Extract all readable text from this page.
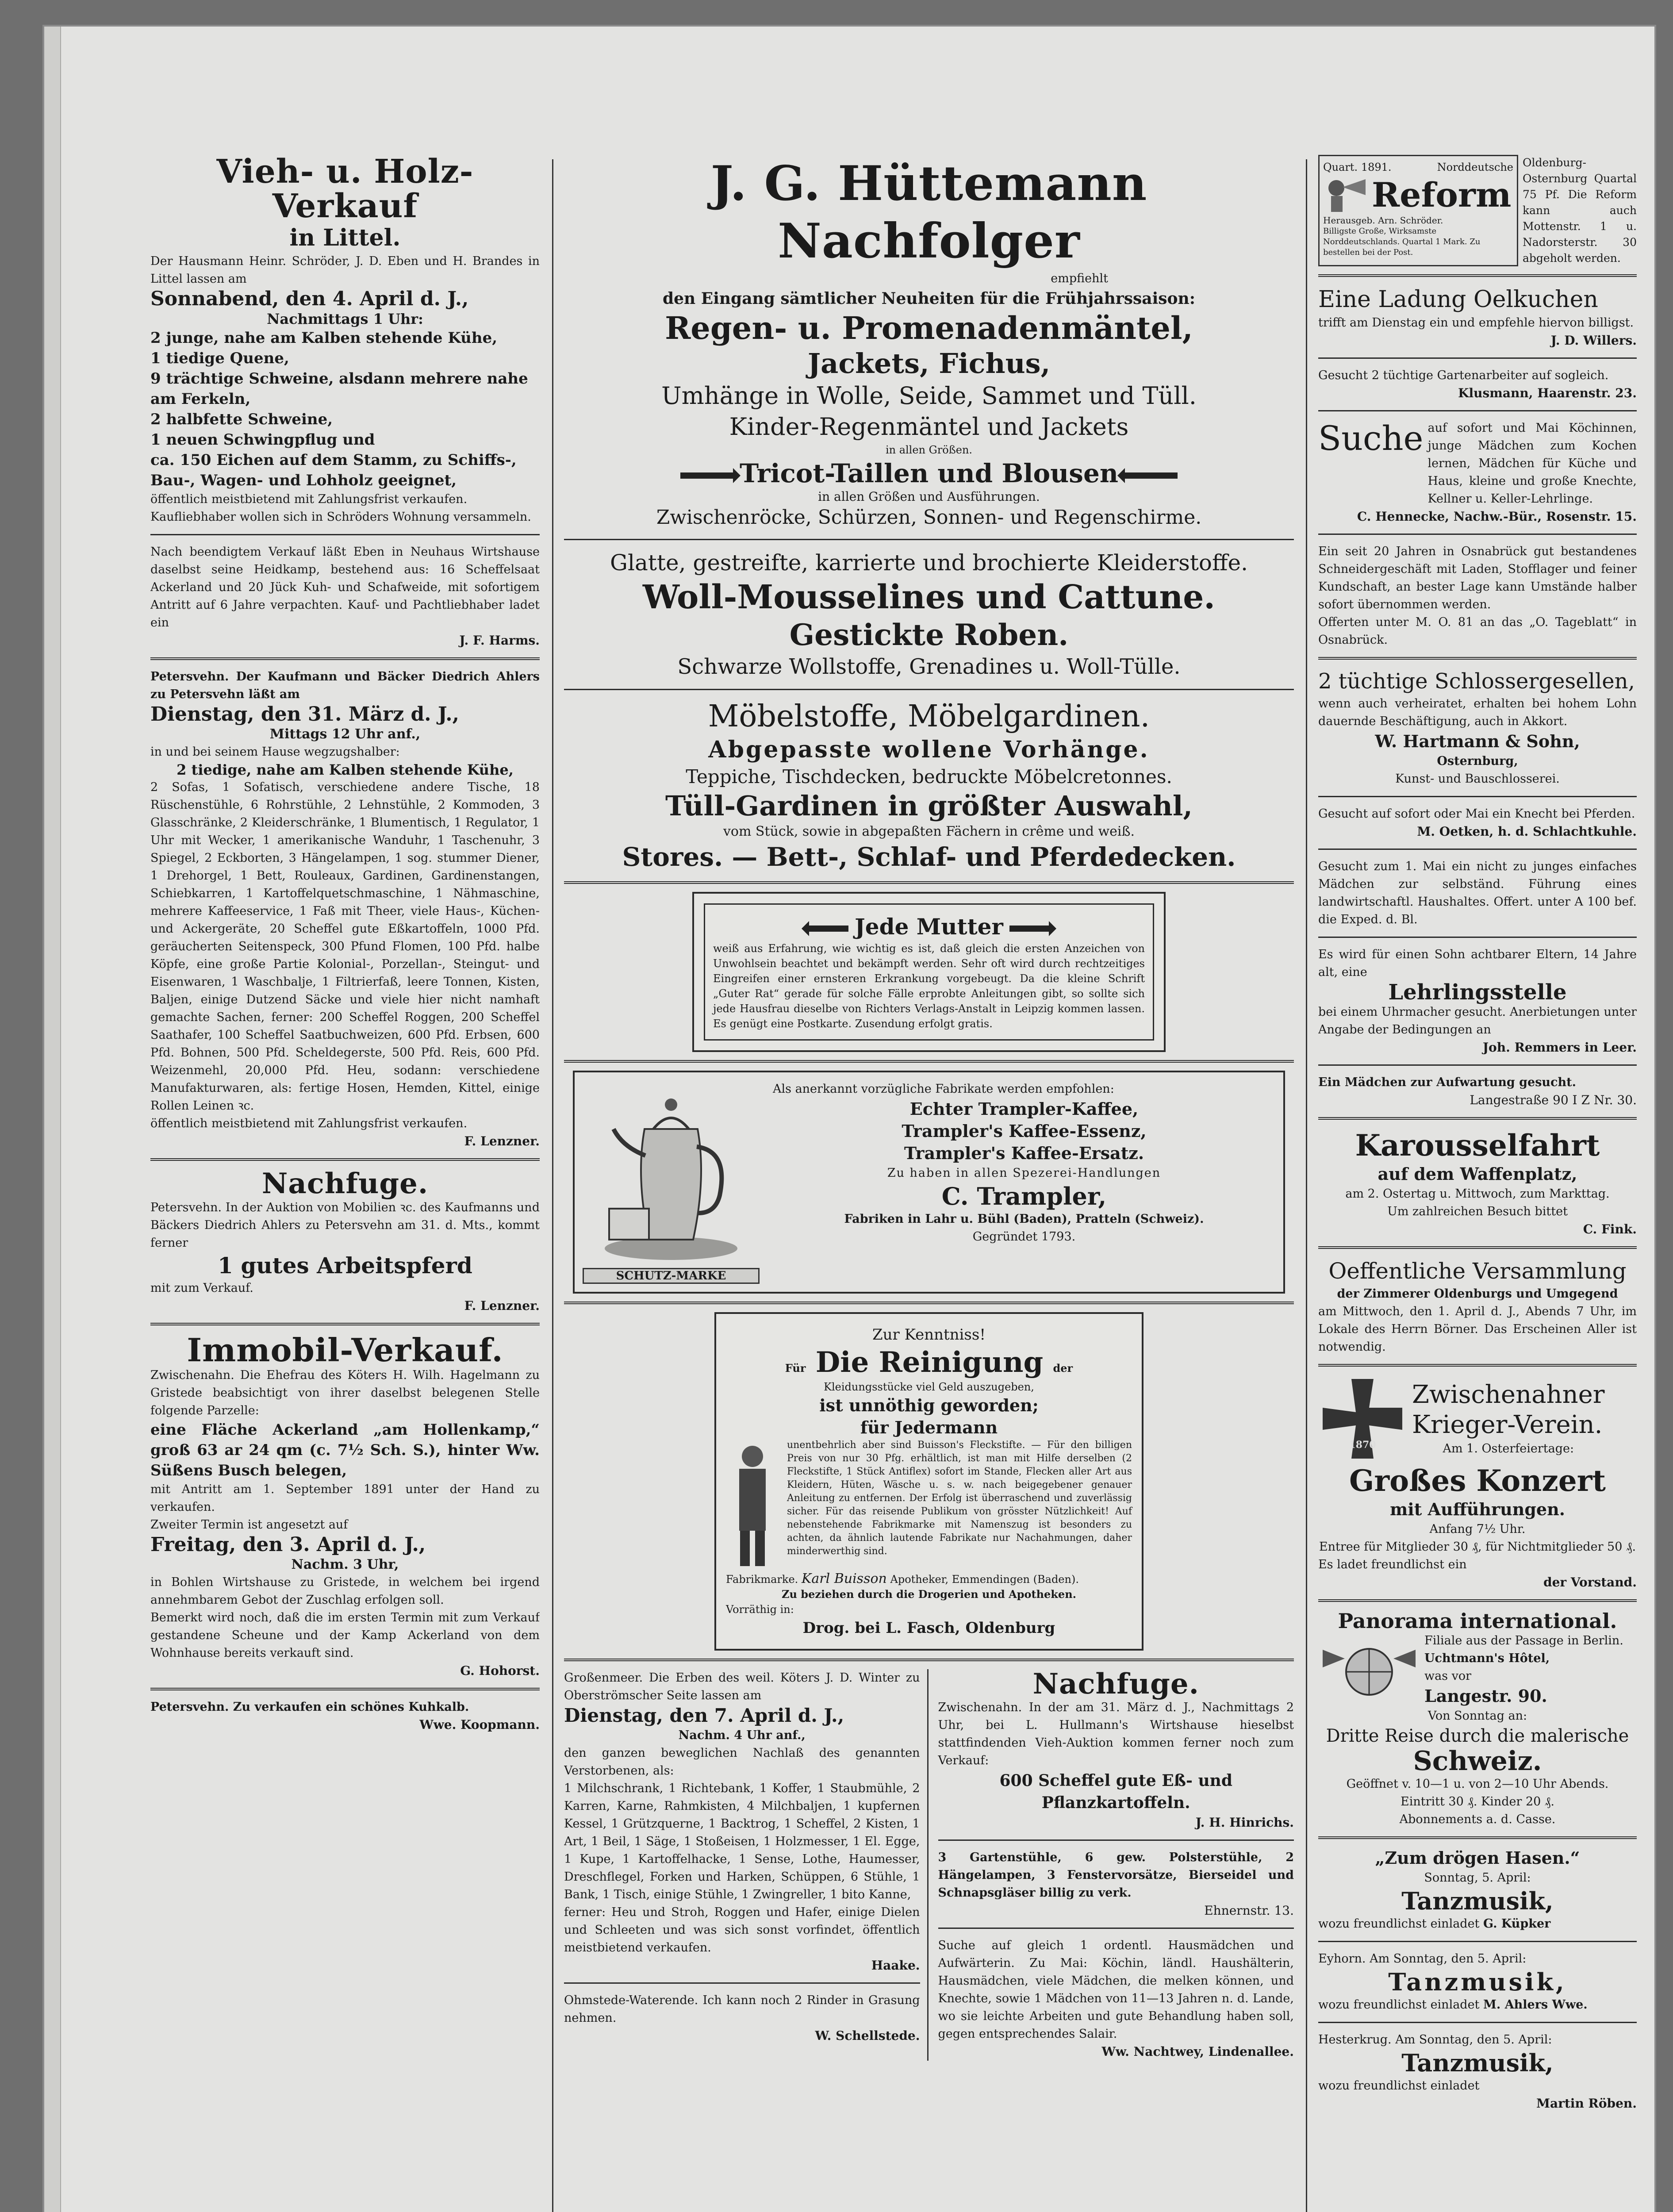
Vieh- u. Holz-Verkauf

in Littel.

Der Hausmann Heinr. Schröder, J. D. Eben und H. Brandes in Littel lassen am

Sonnabend, den 4. April d. J.,

Nachmittags 1 Uhr:

2 junge, nahe am Kalben stehende Kühe,
1 tiedige Quene,
9 trächtige Schweine, alsdann mehrere nahe am Ferkeln,
2 halbfette Schweine,
1 neuen Schwingpflug und
ca. 150 Eichen auf dem Stamm, zu Schiffs-, Bau-, Wagen- und Lohholz geeignet,

öffentlich meistbietend mit Zahlungsfrist verkaufen.

Kaufliebhaber wollen sich in Schröders Wohnung versammeln.

Nach beendigtem Verkauf läßt Eben in Neuhaus Wirtshause daselbst seine Heidkamp, bestehend aus: 16 Scheffelsaat Ackerland und 20 Jück Kuh- und Schafweide, mit sofortigem Antritt auf 6 Jahre verpachten. Kauf- und Pachtliebhaber ladet ein

J. F. Harms.

Petersvehn. Der Kaufmann und Bäcker Diedrich Ahlers zu Petersvehn läßt am

Dienstag, den 31. März d. J.,

Mittags 12 Uhr anf.,

in und bei seinem Hause wegzugshalber:

2 tiedige, nahe am Kalben stehende Kühe,

2 Sofas, 1 Sofatisch, verschiedene andere Tische, 18 Rüschenstühle, 6 Rohrstühle, 2 Lehnstühle, 2 Kommoden, 3 Glasschränke, 2 Kleiderschränke, 1 Blumentisch, 1 Regulator, 1 Uhr mit Wecker, 1 amerikanische Wanduhr, 1 Taschenuhr, 3 Spiegel, 2 Eckborten, 3 Hängelampen, 1 sog. stummer Diener, 1 Drehorgel, 1 Bett, Rouleaux, Gardinen, Gardinenstangen, Schiebkarren, 1 Kartoffelquetschmaschine, 1 Nähmaschine, mehrere Kaffeeservice, 1 Faß mit Theer, viele Haus-, Küchen- und Ackergeräte, 20 Scheffel gute Eßkartoffeln, 1000 Pfd. geräucherten Seitenspeck, 300 Pfund Flomen, 100 Pfd. halbe Köpfe, eine große Partie Kolonial-, Porzellan-, Steingut- und Eisenwaren, 1 Waschbalje, 1 Filtrierfaß, leere Tonnen, Kisten, Baljen, einige Dutzend Säcke und viele hier nicht namhaft gemachte Sachen, ferner: 200 Scheffel Roggen, 200 Scheffel Saathafer, 100 Scheffel Saatbuchweizen, 600 Pfd. Erbsen, 600 Pfd. Bohnen, 500 Pfd. Scheldegerste, 500 Pfd. Reis, 600 Pfd. Weizenmehl, 20,000 Pfd. Heu, sodann: verschiedene Manufakturwaren, als: fertige Hosen, Hemden, Kittel, einige Rollen Leinen ꝛc.

öffentlich meistbietend mit Zahlungsfrist verkaufen.

F. Lenzner.

Nachfuge.

Petersvehn. In der Auktion von Mobilien ꝛc. des Kaufmanns und Bäckers Diedrich Ahlers zu Petersvehn am 31. d. Mts., kommt ferner

1 gutes Arbeitspferd

mit zum Verkauf.

F. Lenzner.

Immobil-Verkauf.

Zwischenahn. Die Ehefrau des Köters H. Wilh. Hagelmann zu Gristede beabsichtigt von ihrer daselbst belegenen Stelle folgende Parzelle:

eine Fläche Ackerland „am Hollenkamp,“ groß 63 ar 24 qm (c. 7½ Sch. S.), hinter Ww. Süßens Busch belegen,

mit Antritt am 1. September 1891 unter der Hand zu verkaufen.

Zweiter Termin ist angesetzt auf

Freitag, den 3. April d. J.,

Nachm. 3 Uhr,

in Bohlen Wirtshause zu Gristede, in welchem bei irgend annehmbarem Gebot der Zuschlag erfolgen soll.

Bemerkt wird noch, daß die im ersten Termin mit zum Verkauf gestandene Scheune und der Kamp Ackerland von dem Wohnhause bereits verkauft sind.

G. Hohorst.

Petersvehn. Zu verkaufen ein schönes Kuhkalb.

Wwe. Koopmann.

J. G. Hüttemann Nachfolger

empfiehlt

den Eingang sämtlicher Neuheiten für die Frühjahrssaison:

Regen- u. Promenadenmäntel,

Jackets, Fichus,

Umhänge in Wolle, Seide, Sammet und Tüll.

Kinder-Regenmäntel und Jackets

in allen Größen.

Tricot-Taillen und Blousen

in allen Größen und Ausführungen.

Zwischenröcke, Schürzen, Sonnen- und Regenschirme.

Glatte, gestreifte, karrierte und brochierte Kleiderstoffe.

Woll-Mousselines und Cattune.

Gestickte Roben.

Schwarze Wollstoffe, Grenadines u. Woll-Tülle.

Möbelstoffe, Möbelgardinen.

Abgepasste wollene Vorhänge.

Teppiche, Tischdecken, bedruckte Möbelcretonnes.

Tüll-Gardinen in größter Auswahl,

vom Stück, sowie in abgepaßten Fächern in crême und weiß.

Stores. — Bett-, Schlaf- und Pferdedecken.

Jede Mutter

weiß aus Erfahrung, wie wichtig es ist, daß gleich die ersten Anzeichen von Unwohlsein beachtet und bekämpft werden. Sehr oft wird durch rechtzeitiges Eingreifen einer ernsteren Erkrankung vorgebeugt. Da die kleine Schrift „Guter Rat“ gerade für solche Fälle erprobte Anleitungen gibt, so sollte sich jede Hausfrau dieselbe von Richters Verlags-Anstalt in Leipzig kommen lassen. Es genügt eine Postkarte. Zusendung erfolgt gratis.

SCHUTZ-MARKE

Als anerkannt vorzügliche Fabrikate werden empfohlen:

Echter Trampler-Kaffee,

Trampler's Kaffee-Essenz,

Trampler's Kaffee-Ersatz.

Zu haben in allen Spezerei-Handlungen

C. Trampler,

Fabriken in Lahr u. Bühl (Baden), Pratteln (Schweiz).

Gegründet 1793.

Zur Kenntniss!

Für Die Reinigung der

Kleidungsstücke viel Geld auszugeben,

ist unnöthig geworden;

für Jedermann

unentbehrlich aber sind Buisson's Fleckstifte. — Für den billigen Preis von nur 30 Pfg. erhältlich, ist man mit Hilfe derselben (2 Fleckstifte, 1 Stück Antiflex) sofort im Stande, Flecken aller Art aus Kleidern, Hüten, Wäsche u. s. w. nach beigegebener genauer Anleitung zu entfernen. Der Erfolg ist überraschend und zuverlässig sicher. Für das reisende Publikum von grösster Nützlichkeit! Auf nebenstehende Fabrikmarke mit Namenszug ist besonders zu achten, da ähnlich lautende Fabrikate nur Nachahmungen, daher minderwerthig sind.

Fabrikmarke. Karl Buisson Apotheker, Emmendingen (Baden).

Zu beziehen durch die Drogerien und Apotheken.

Vorräthig in:

Drog. bei L. Fasch, Oldenburg

Großenmeer. Die Erben des weil. Köters J. D. Winter zu Oberströmscher Seite lassen am

Dienstag, den 7. April d. J.,

Nachm. 4 Uhr anf.,

den ganzen beweglichen Nachlaß des genannten Verstorbenen, als:

1 Milchschrank, 1 Richtebank, 1 Koffer, 1 Staubmühle, 2 Karren, Karne, Rahmkisten, 4 Milchbaljen, 1 kupfernen Kessel, 1 Grützquerne, 1 Backtrog, 1 Scheffel, 2 Kisten, 1 Art, 1 Beil, 1 Säge, 1 Stoßeisen, 1 Holzmesser, 1 El. Egge, 1 Kupe, 1 Kartoffelhacke, 1 Sense, Lothe, Haumesser, Dreschflegel, Forken und Harken, Schüppen, 6 Stühle, 1 Bank, 1 Tisch, einige Stühle, 1 Zwingreller, 1 bito Kanne,

ferner: Heu und Stroh, Roggen und Hafer, einige Dielen und Schleeten und was sich sonst vorfindet, öffentlich meistbietend verkaufen.

Haake.

Ohmstede-Waterende. Ich kann noch 2 Rinder in Grasung nehmen.

W. Schellstede.

Nachfuge.

Zwischenahn. In der am 31. März d. J., Nachmittags 2 Uhr, bei L. Hullmann's Wirtshause hieselbst stattfindenden Vieh-Auktion kommen ferner noch zum Verkauf:

600 Scheffel gute Eß- und Pflanzkartoffeln.

J. H. Hinrichs.

3 Gartenstühle, 6 gew. Polsterstühle, 2 Hängelampen, 3 Fenstervorsätze, Bierseidel und Schnapsgläser billig zu verk.

Ehnernstr. 13.

Suche auf gleich 1 ordentl. Hausmädchen und Aufwärterin. Zu Mai: Köchin, ländl. Haushälterin, Hausmädchen, viele Mädchen, die melken können, und Knechte, sowie 1 Mädchen von 11—13 Jahren n. d. Lande, wo sie leichte Arbeiten und gute Behandlung haben soll, gegen entsprechendes Salair.

Ww. Nachtwey, Lindenallee.

Quart. 1891.	Norddeutsche
Reform

Herausgeb. Arn. Schröder.

Billigste Große, Wirksamste Norddeutschlands. Quartal 1 Mark. Zu bestellen bei der Post.

Oldenburg-Osternburg Quartal 75 Pf. Die Reform kann auch Mottenstr. 1 u. Nadorsterstr. 30 abgeholt werden.

Eine Ladung Oelkuchen

trifft am Dienstag ein und empfehle hiervon billigst.

J. D. Willers.

Gesucht 2 tüchtige Gartenarbeiter auf sogleich.

Klusmann, Haarenstr. 23.

Suche auf sofort und Mai Köchinnen, junge Mädchen zum Kochen lernen, Mädchen für Küche und Haus, kleine und große Knechte, Kellner u. Keller-Lehrlinge.

C. Hennecke, Nachw.-Bür., Rosenstr. 15.

Ein seit 20 Jahren in Osnabrück gut bestandenes Schneidergeschäft mit Laden, Stofflager und feiner Kundschaft, an bester Lage kann Umstände halber sofort übernommen werden.

Offerten unter M. O. 81 an das „O. Tageblatt“ in Osnabrück.

2 tüchtige Schlossergesellen,

wenn auch verheiratet, erhalten bei hohem Lohn dauernde Beschäftigung, auch in Akkort.

W. Hartmann & Sohn,

Osternburg,

Kunst- und Bauschlosserei.

Gesucht auf sofort oder Mai ein Knecht bei Pferden.

M. Oetken, h. d. Schlachtkuhle.

Gesucht zum 1. Mai ein nicht zu junges einfaches Mädchen zur selbständ. Führung eines landwirtschaftl. Haushaltes. Offert. unter A 100 bef. die Exped. d. Bl.

Es wird für einen Sohn achtbarer Eltern, 14 Jahre alt, eine

Lehrlingsstelle

bei einem Uhrmacher gesucht. Anerbietungen unter Angabe der Bedingungen an

Joh. Remmers in Leer.

Ein Mädchen zur Aufwartung gesucht.

Langestraße 90 I Z Nr. 30.

Karousselfahrt

auf dem Waffenplatz,

am 2. Ostertag u. Mittwoch, zum Markttag.

Um zahlreichen Besuch bittet

C. Fink.

Oeffentliche Versammlung

der Zimmerer Oldenburgs und Umgegend

am Mittwoch, den 1. April d. J., Abends 7 Uhr, im Lokale des Herrn Börner. Das Erscheinen Aller ist notwendig.

1870

Zwischenahner

Krieger-Verein.

Am 1. Osterfeiertage:

Großes Konzert

mit Aufführungen.

Anfang 7½ Uhr.

Entree für Mitglieder 30 ₰, für Nichtmitglieder 50 ₰.

Es ladet freundlichst ein

der Vorstand.

Panorama international.

Filiale aus der Passage in Berlin.

Uchtmann's Hôtel,

was vor

Langestr. 90.

Von Sonntag an:

Dritte Reise durch die malerische

Schweiz.

Geöffnet v. 10—1 u. von 2—10 Uhr Abends.

Eintritt 30 ₰. Kinder 20 ₰.

Abonnements a. d. Casse.

„Zum drögen Hasen.“

Sonntag, 5. April:

Tanzmusik,

wozu freundlichst einladet G. Küpker

Eyhorn. Am Sonntag, den 5. April:

Tanzmusik,

wozu freundlichst einladet M. Ahlers Wwe.

Hesterkrug. Am Sonntag, den 5. April:

Tanzmusik,

wozu freundlichst einladet

Martin Röben.
